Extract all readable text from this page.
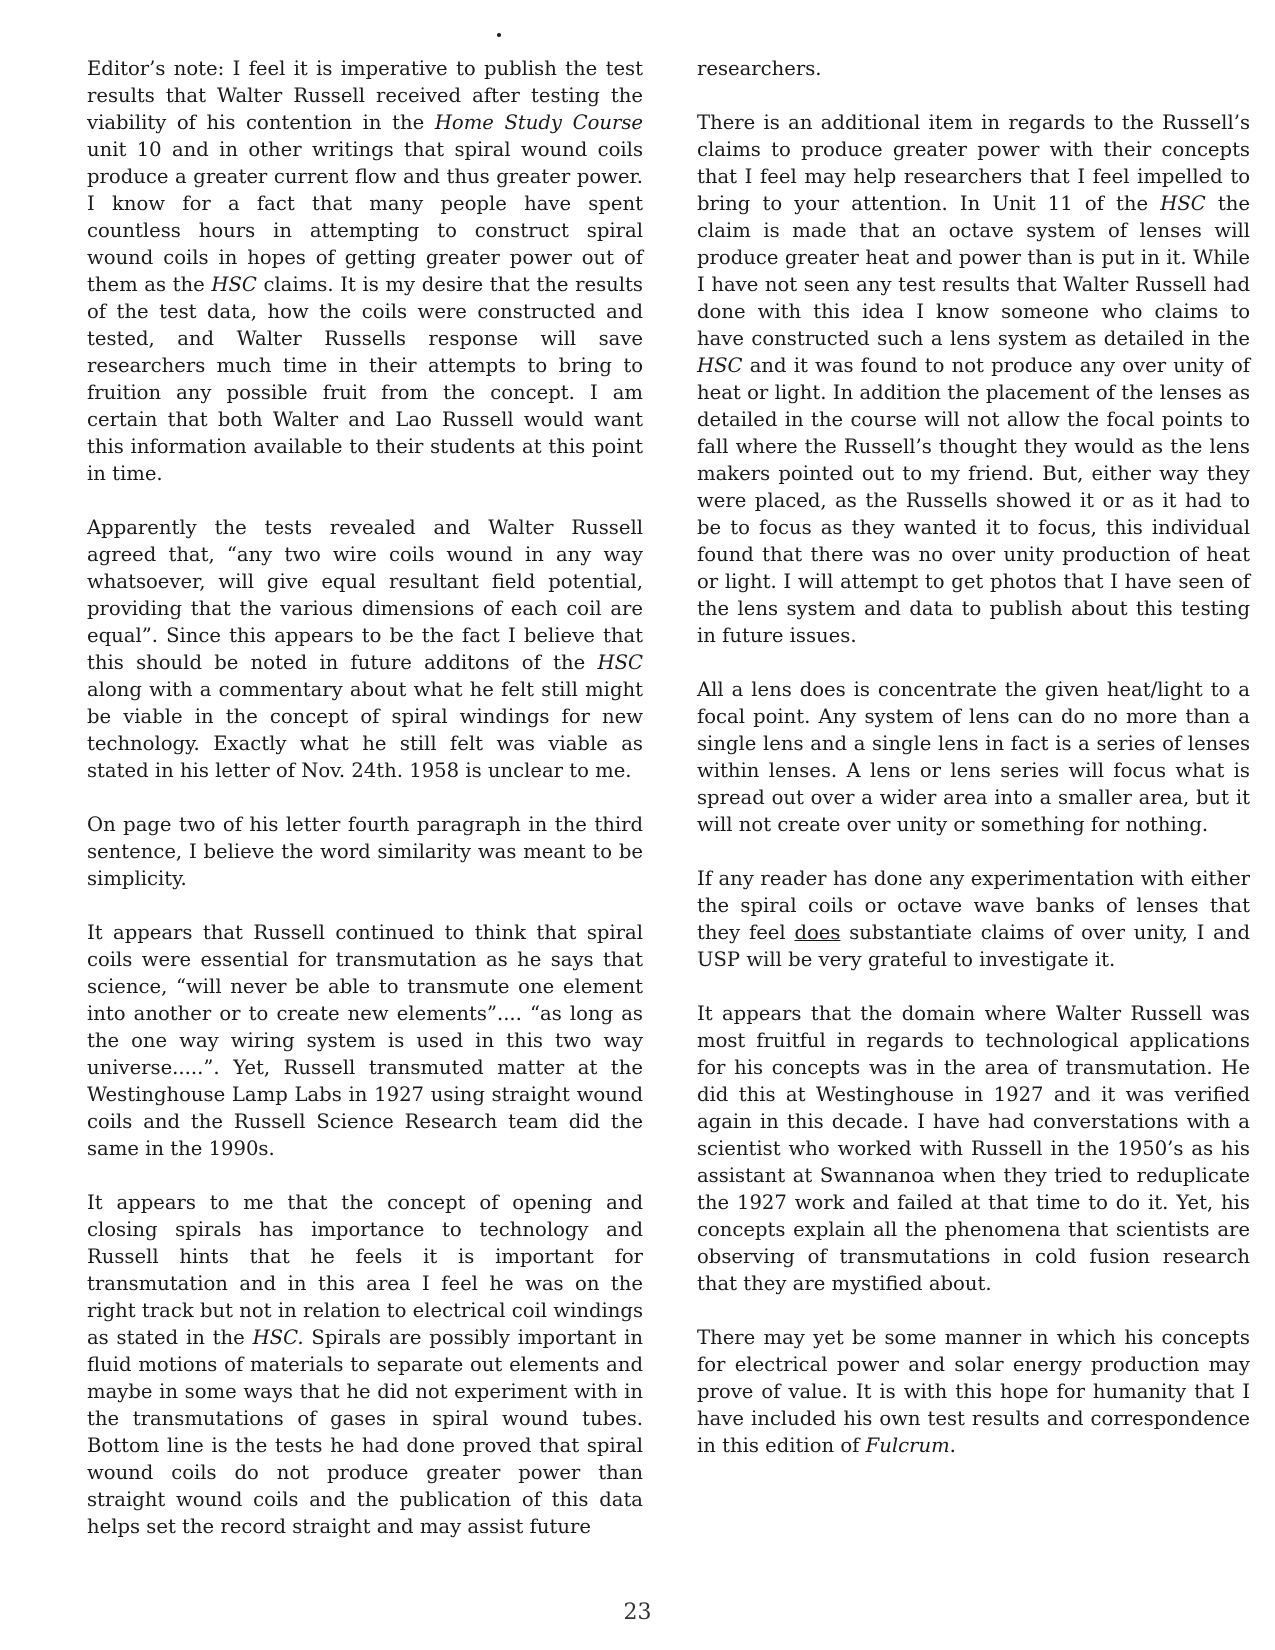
Editor’s note: I feel it is imperative to publish the test results that Walter Russell received after testing the viability of his contention in the Home Study Course unit 10 and in other writings that spiral wound coils produce a greater current flow and thus greater power. I know for a fact that many people have spent countless hours in attempting to construct spiral wound coils in hopes of getting greater power out of them as the HSC claims. It is my desire that the results of the test data, how the coils were constructed and tested, and Walter Russells response will save researchers much time in their attempts to bring to fruition any possible fruit from the concept. I am certain that both Walter and Lao Russell would want this information available to their students at this point in time.

Apparently the tests revealed and Walter Russell agreed that, “any two wire coils wound in any way whatsoever, will give equal resultant field potential, providing that the various dimensions of each coil are equal”. Since this appears to be the fact I believe that this should be noted in future additons of the HSC along with a commentary about what he felt still might be viable in the concept of spiral windings for new technology. Exactly what he still felt was viable as stated in his letter of Nov. 24th. 1958 is unclear to me.

On page two of his letter fourth paragraph in the third sentence, I believe the word similarity was meant to be simplicity.

It appears that Russell continued to think that spiral coils were essential for transmutation as he says that science, “will never be able to transmute one element into another or to create new elements”.... “as long as the one way wiring system is used in this two way universe.....”. Yet, Russell transmuted matter at the Westinghouse Lamp Labs in 1927 using straight wound coils and the Russell Science Research team did the same in the 1990s.

It appears to me that the concept of opening and closing spirals has importance to technology and Russell hints that he feels it is important for transmutation and in this area I feel he was on the right track but not in relation to electrical coil windings as stated in the HSC. Spirals are possibly important in fluid motions of materials to separate out elements and maybe in some ways that he did not experiment with in the transmutations of gases in spiral wound tubes. Bottom line is the tests he had done proved that spiral wound coils do not produce greater power than straight wound coils and the publication of this data helps set the record straight and may assist future

researchers.

There is an additional item in regards to the Russell’s claims to produce greater power with their concepts that I feel may help researchers that I feel impelled to bring to your attention. In Unit 11 of the HSC the claim is made that an octave system of lenses will produce greater heat and power than is put in it. While I have not seen any test results that Walter Russell had done with this idea I know someone who claims to have constructed such a lens system as detailed in the HSC and it was found to not produce any over unity of heat or light. In addition the placement of the lenses as detailed in the course will not allow the focal points to fall where the Russell’s thought they would as the lens makers pointed out to my friend. But, either way they were placed, as the Russells showed it or as it had to be to focus as they wanted it to focus, this individual found that there was no over unity production of heat or light. I will attempt to get photos that I have seen of the lens system and data to publish about this testing in future issues.

All a lens does is concentrate the given heat/light to a focal point. Any system of lens can do no more than a single lens and a single lens in fact is a series of lenses within lenses. A lens or lens series will focus what is spread out over a wider area into a smaller area, but it will not create over unity or something for nothing.

If any reader has done any experimentation with either the spiral coils or octave wave banks of lenses that they feel does substantiate claims of over unity, I and USP will be very grateful to investigate it.

It appears that the domain where Walter Russell was most fruitful in regards to technological applications for his concepts was in the area of transmutation. He did this at Westinghouse in 1927 and it was verified again in this decade. I have had converstations with a scientist who worked with Russell in the 1950’s as his assistant at Swannanoa when they tried to reduplicate the 1927 work and failed at that time to do it. Yet, his concepts explain all the phenomena that scientists are observing of transmutations in cold fusion research that they are mystified about.

There may yet be some manner in which his concepts for electrical power and solar energy production may prove of value. It is with this hope for humanity that I have included his own test results and correspondence in this edition of Fulcrum.

23
